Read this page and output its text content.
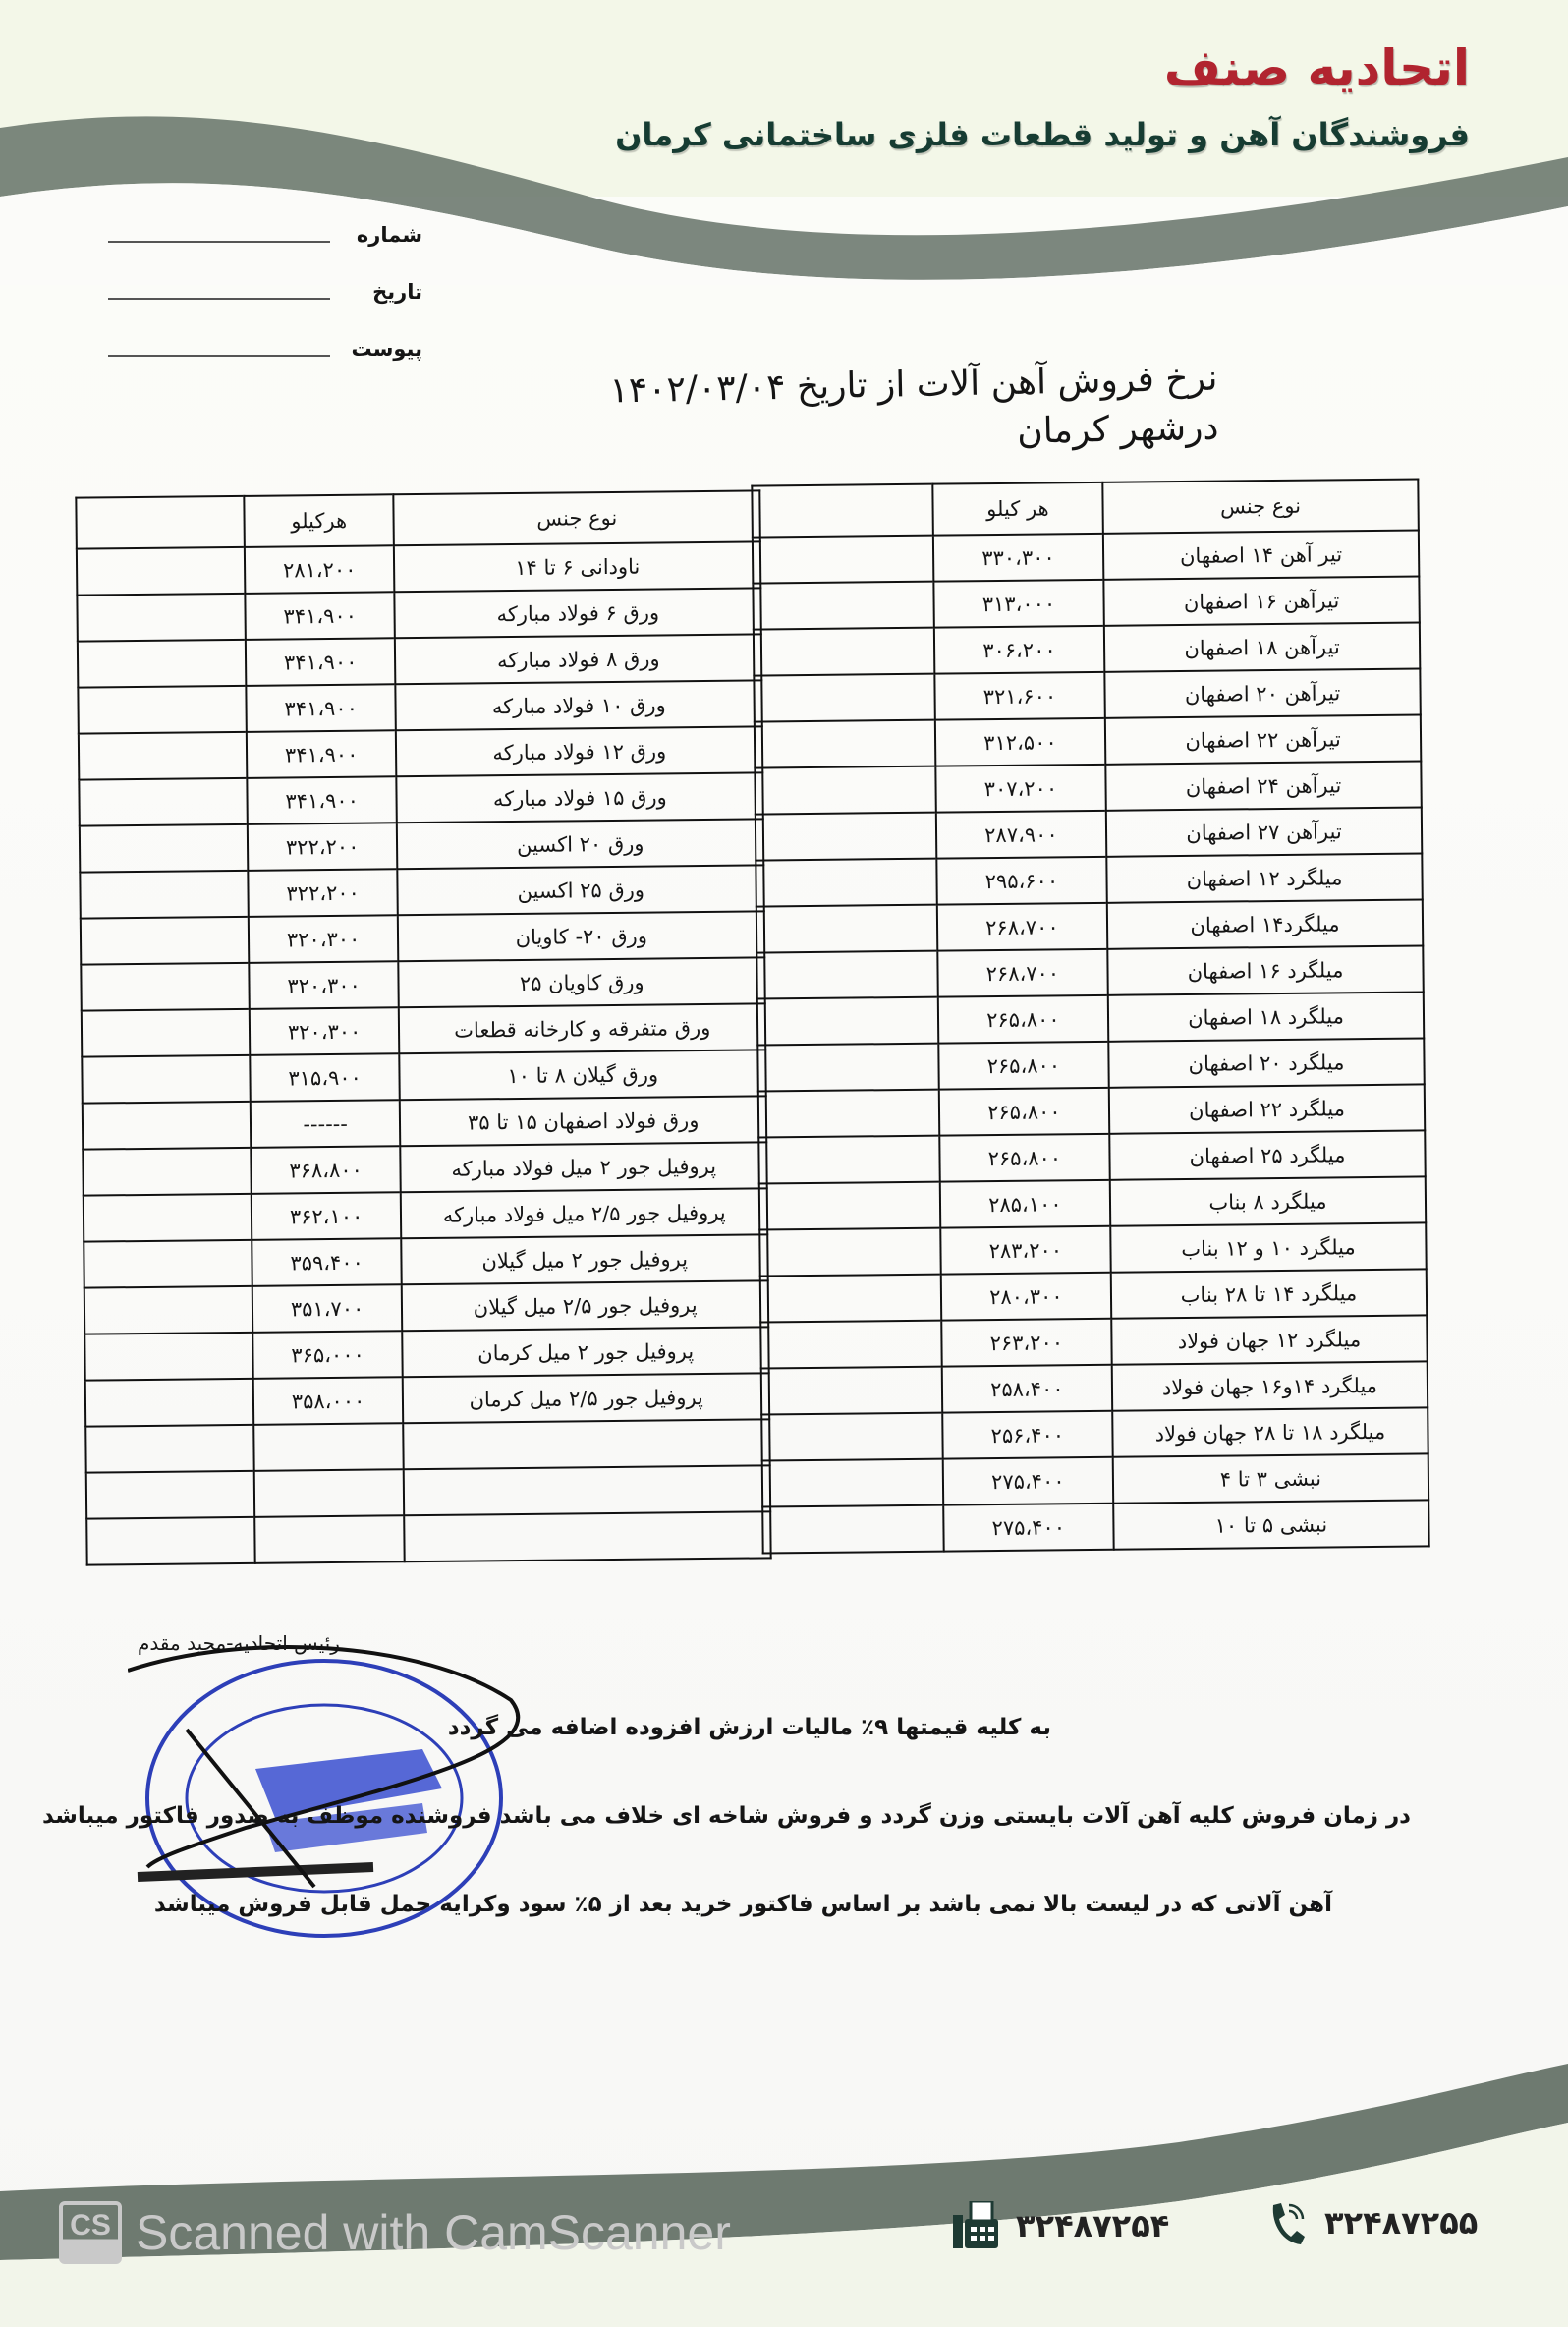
اتحادیه صنف
فروشندگان آهن و تولید قطعات فلزی ساختمانی کرمان
شماره
تاریخ
پیوست
نرخ فروش آهن آلات از تاریخ ۱۴۰۲/۰۳/۰۴
درشهر کرمان
نوع جنس	هر کیلو	
تیر آهن ۱۴ اصفهان	۳۳۰،۳۰۰	
تیرآهن ۱۶ اصفهان	۳۱۳،۰۰۰	
تیرآهن ۱۸ اصفهان	۳۰۶،۲۰۰	
تیرآهن ۲۰ اصفهان	۳۲۱،۶۰۰	
تیرآهن ۲۲ اصفهان	۳۱۲،۵۰۰	
تیرآهن ۲۴ اصفهان	۳۰۷،۲۰۰	
تیرآهن ۲۷ اصفهان	۲۸۷،۹۰۰	
میلگرد ۱۲ اصفهان	۲۹۵،۶۰۰	
میلگرد۱۴ اصفهان	۲۶۸،۷۰۰	
میلگرد ۱۶ اصفهان	۲۶۸،۷۰۰	
میلگرد ۱۸ اصفهان	۲۶۵،۸۰۰	
میلگرد ۲۰ اصفهان	۲۶۵،۸۰۰	
میلگرد ۲۲ اصفهان	۲۶۵،۸۰۰	
میلگرد ۲۵ اصفهان	۲۶۵،۸۰۰	
میلگرد ۸ بناب	۲۸۵،۱۰۰	
میلگرد ۱۰ و ۱۲ بناب	۲۸۳،۲۰۰	
میلگرد ۱۴ تا ۲۸ بناب	۲۸۰،۳۰۰	
میلگرد ۱۲ جهان فولاد	۲۶۳،۲۰۰	
میلگرد ۱۴و۱۶ جهان فولاد	۲۵۸،۴۰۰	
میلگرد ۱۸ تا ۲۸ جهان فولاد	۲۵۶،۴۰۰	
نبشی ۳ تا ۴	۲۷۵،۴۰۰	
نبشی ۵ تا ۱۰	۲۷۵،۴۰۰	
نوع جنس	هرکیلو	
ناودانی ۶ تا ۱۴	۲۸۱،۲۰۰	
ورق ۶ فولاد مبارکه	۳۴۱،۹۰۰	
ورق ۸ فولاد مبارکه	۳۴۱،۹۰۰	
ورق ۱۰ فولاد مبارکه	۳۴۱،۹۰۰	
ورق ۱۲ فولاد مبارکه	۳۴۱،۹۰۰	
ورق ۱۵ فولاد مبارکه	۳۴۱،۹۰۰	
ورق ۲۰ اکسین	۳۲۲،۲۰۰	
ورق ۲۵ اکسین	۳۲۲،۲۰۰	
ورق ۲۰- کاویان	۳۲۰،۳۰۰	
ورق کاویان ۲۵	۳۲۰،۳۰۰	
ورق متفرقه و کارخانه قطعات	۳۲۰،۳۰۰	
ورق گیلان ۸ تا ۱۰	۳۱۵،۹۰۰	
ورق فولاد اصفهان ۱۵ تا ۳۵	------	
پروفیل جور ۲ میل فولاد مبارکه	۳۶۸،۸۰۰	
پروفیل جور ۲/۵ میل فولاد مبارکه	۳۶۲،۱۰۰	
پروفیل جور ۲ میل گیلان	۳۵۹،۴۰۰	
پروفیل جور ۲/۵ میل گیلان	۳۵۱،۷۰۰	
پروفیل جور ۲ میل کرمان	۳۶۵،۰۰۰	
پروفیل جور ۲/۵ میل کرمان	۳۵۸،۰۰۰	

رئیس اتحادیه-مجید مقدم
به کلیه قیمتها ۹٪ مالیات ارزش افزوده اضافه می گردد
در زمان فروش کلیه آهن آلات بایستی وزن گردد و فروش شاخه ای خلاف می باشد فروشنده موظف به صدور فاکتور میباشد
آهن آلاتی که در لیست بالا نمی باشد بر اساس فاکتور خرید بعد از ۵٪ سود وکرایه حمل قابل فروش میباشد
۳۲۴۸۷۲۵۴	۳۲۴۸۷۲۵۵
CS Scanned with CamScanner
